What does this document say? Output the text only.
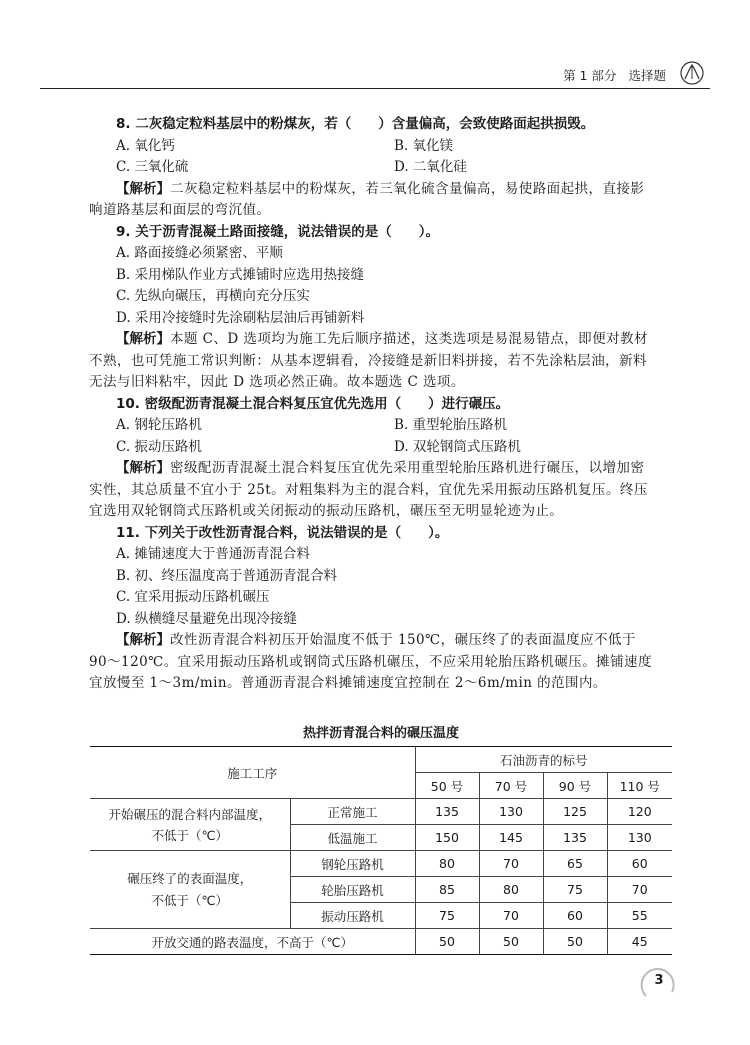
第 1 部分 选择题

8. 二灰稳定粒料基层中的粉煤灰，若（　　）含量偏高，会致使路面起拱损毁。

A. 氧化钙	B. 氧化镁
C. 三氧化硫	D. 二氧化硅

【解析】二灰稳定粒料基层中的粉煤灰，若三氧化硫含量偏高，易使路面起拱，直接影

响道路基层和面层的弯沉值。

9. 关于沥青混凝土路面接缝，说法错误的是（　　）。

A. 路面接缝必须紧密、平顺

B. 采用梯队作业方式摊铺时应选用热接缝

C. 先纵向碾压，再横向充分压实

D. 采用冷接缝时先涂刷粘层油后再铺新料

【解析】本题 C、D 选项均为施工先后顺序描述，这类选项是易混易错点，即便对教材

不熟，也可凭施工常识判断：从基本逻辑看，冷接缝是新旧料拼接，若不先涂粘层油，新料

无法与旧料粘牢，因此 D 选项必然正确。故本题选 C 选项。

10. 密级配沥青混凝土混合料复压宜优先选用（　　）进行碾压。

A. 钢轮压路机	B. 重型轮胎压路机
C. 振动压路机	D. 双轮钢筒式压路机

【解析】密级配沥青混凝土混合料复压宜优先采用重型轮胎压路机进行碾压，以增加密

实性，其总质量不宜小于 25t。对粗集料为主的混合料，宜优先采用振动压路机复压。终压

宜选用双轮钢筒式压路机或关闭振动的振动压路机，碾压至无明显轮迹为止。

11. 下列关于改性沥青混合料，说法错误的是（　　）。

A. 摊铺速度大于普通沥青混合料

B. 初、终压温度高于普通沥青混合料

C. 宜采用振动压路机碾压

D. 纵横缝尽量避免出现冷接缝

【解析】改性沥青混合料初压开始温度不低于 150℃，碾压终了的表面温度应不低于

90～120℃。宜采用振动压路机或钢筒式压路机碾压，不应采用轮胎压路机碾压。摊铺速度

宜放慢至 1～3m/min。普通沥青混合料摊铺速度宜控制在 2～6m/min 的范围内。

热拌沥青混合料的碾压温度
施工工序		石油沥青的标号			
		50 号	70 号	90 号	110 号

开始碾压的混合料内部温度，
不低于（℃）	正常施工	135	130	125	120
	低温施工	150	145	135	130

碾压终了的表面温度，
不低于（℃）	钢轮压路机	80	70	65	60
	轮胎压路机	85	80	75	70
	振动压路机	75	70	60	55
开放交通的路表温度，不高于（℃）		50	50	50	45
3
